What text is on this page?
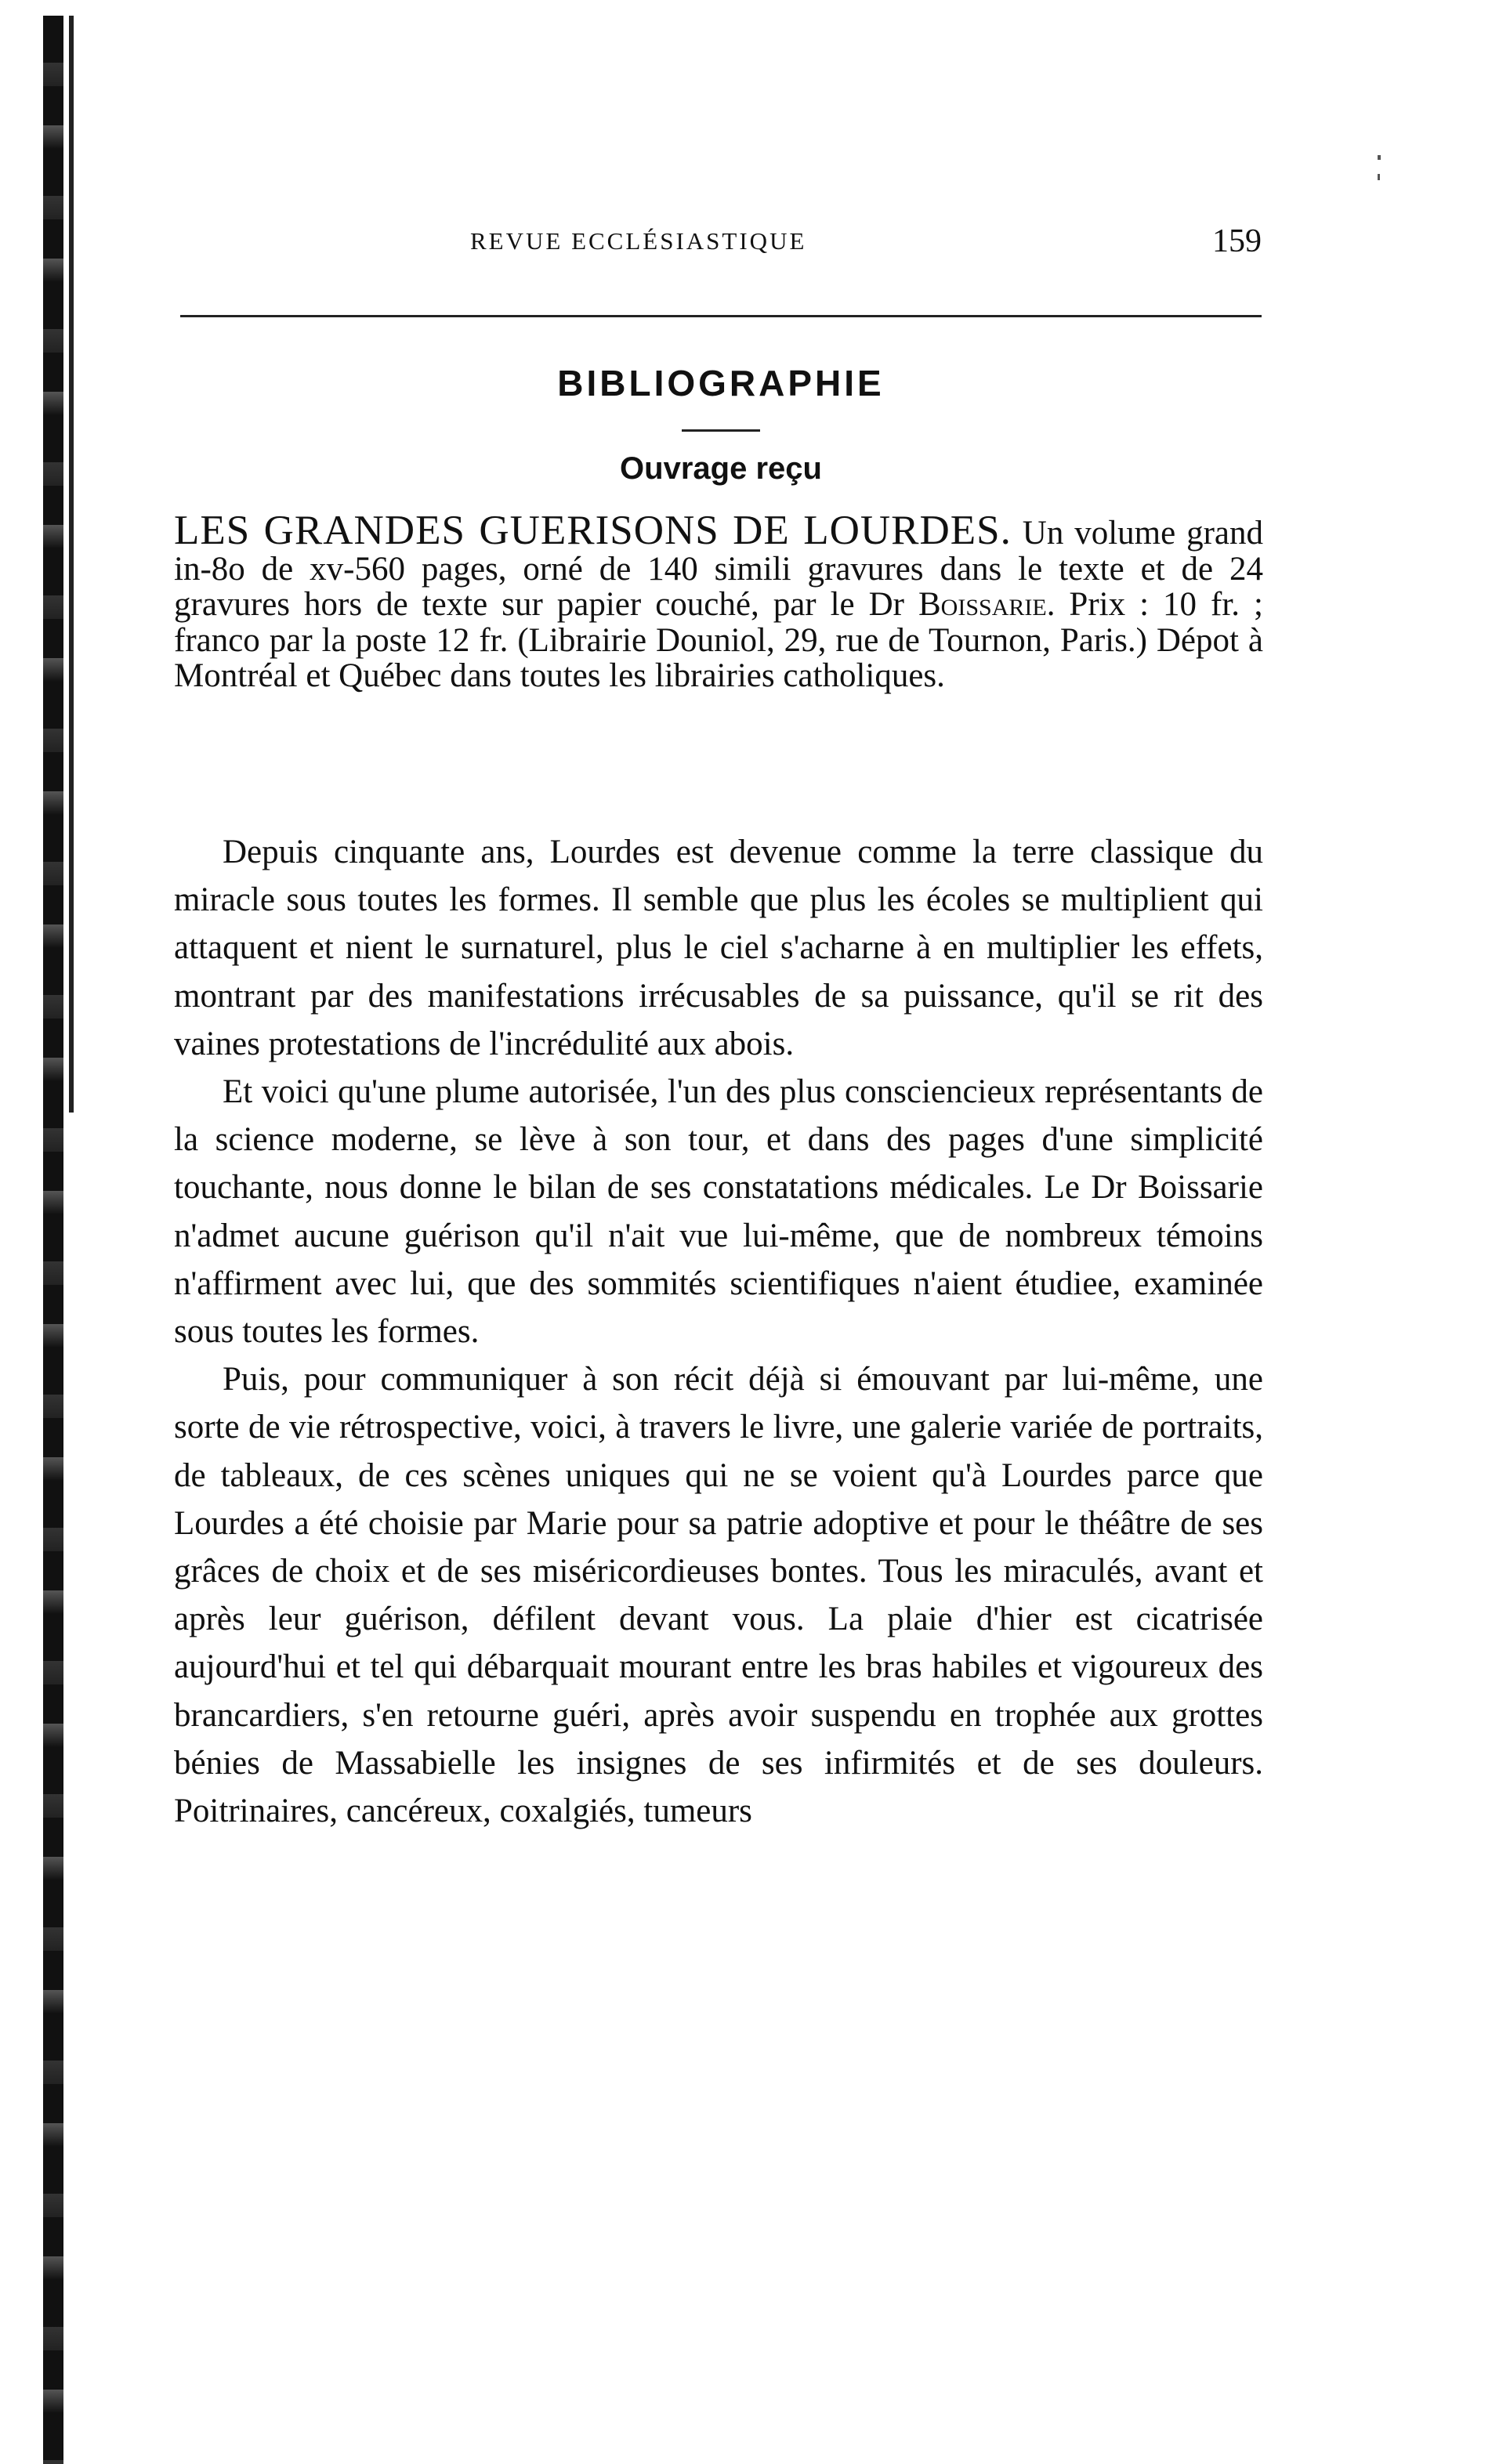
REVUE ECCLÉSIASTIQUE	159
BIBLIOGRAPHIE
Ouvrage reçu
LES GRANDES GUERISONS DE LOURDES. Un volume grand in-8o de xv-560 pages, orné de 140 simili gravures dans le texte et de 24 gravures hors de texte sur papier couché, par le Dr Boissarie. Prix : 10 fr. ; franco par la poste 12 fr. (Librairie Douniol, 29, rue de Tournon, Paris.) Dépot à Montréal et Québec dans toutes les librairies catholiques.

Depuis cinquante ans, Lourdes est devenue comme la terre classique du miracle sous toutes les formes. Il semble que plus les écoles se multiplient qui attaquent et nient le surnaturel, plus le ciel s'acharne à en multiplier les effets, montrant par des manifestations irrécusables de sa puissance, qu'il se rit des vaines protestations de l'incrédulité aux abois.

Et voici qu'une plume autorisée, l'un des plus consciencieux représentants de la science moderne, se lève à son tour, et dans des pages d'une simplicité touchante, nous donne le bilan de ses constatations médicales. Le Dr Boissarie n'admet aucune guérison qu'il n'ait vue lui-même, que de nombreux témoins n'affirment avec lui, que des sommités scientifiques n'aient étudiee, examinée sous toutes les formes.

Puis, pour communiquer à son récit déjà si émouvant par lui-même, une sorte de vie rétrospective, voici, à travers le livre, une galerie variée de portraits, de tableaux, de ces scènes uniques qui ne se voient qu'à Lourdes parce que Lourdes a été choisie par Marie pour sa patrie adoptive et pour le théâtre de ses grâces de choix et de ses miséricordieuses bontes. Tous les miraculés, avant et après leur guérison, défilent devant vous. La plaie d'hier est cicatrisée aujourd'hui et tel qui débarquait mourant entre les bras habiles et vigoureux des brancardiers, s'en retourne guéri, après avoir suspendu en trophée aux grottes bénies de Massabielle les insignes de ses infirmités et de ses douleurs. Poitrinaires, cancéreux, coxalgiés, tumeurs
